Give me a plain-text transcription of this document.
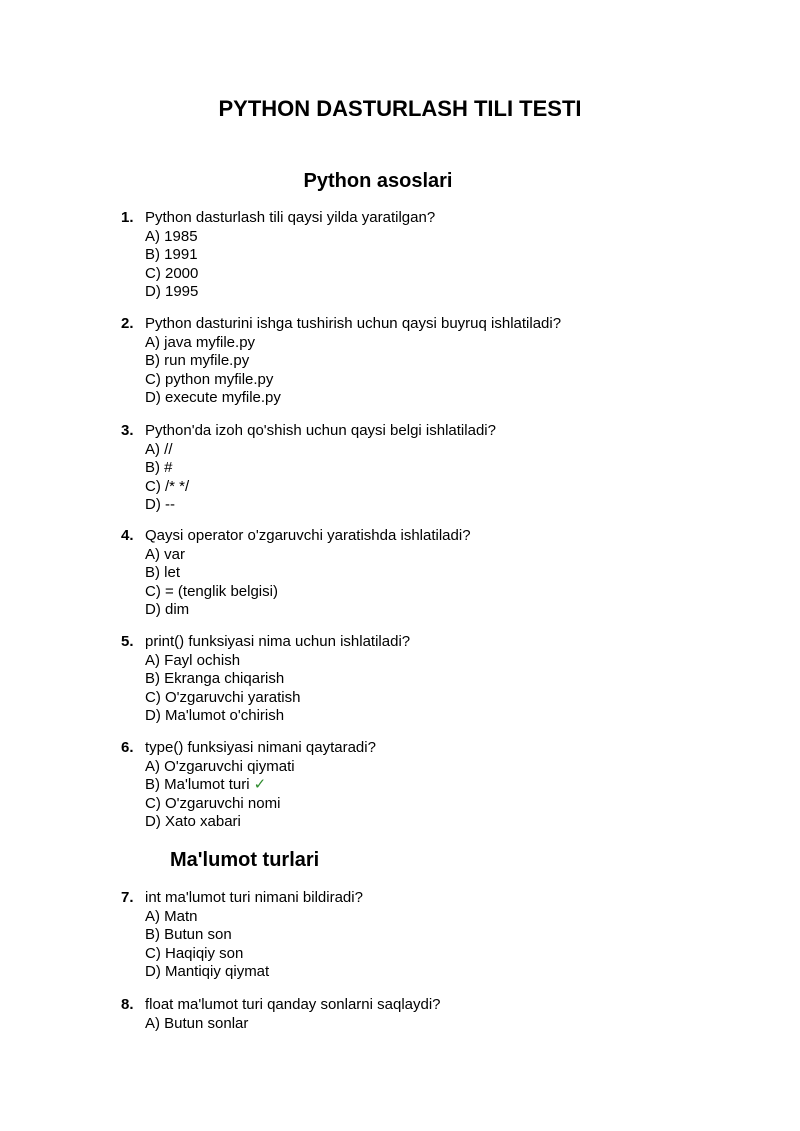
PYTHON DASTURLASH TILI TESTI
Python asoslari
1. Python dasturlash tili qaysi yilda yaratilgan?
A) 1985
B) 1991
C) 2000
D) 1995
2. Python dasturini ishga tushirish uchun qaysi buyruq ishlatiladi?
A) java myfile.py
B) run myfile.py
C) python myfile.py
D) execute myfile.py
3. Python'da izoh qo'shish uchun qaysi belgi ishlatiladi?
A) //
B) #
C) /* */
D) --
4. Qaysi operator o'zgaruvchi yaratishda ishlatiladi?
A) var
B) let
C) = (tenglik belgisi)
D) dim
5. print() funksiyasi nima uchun ishlatiladi?
A) Fayl ochish
B) Ekranga chiqarish
C) O'zgaruvchi yaratish
D) Ma'lumot o'chirish
6. type() funksiyasi nimani qaytaradi?
A) O'zgaruvchi qiymati
B) Ma'lumot turi ✓
C) O'zgaruvchi nomi
D) Xato xabari
Ma'lumot turlari
7. int ma'lumot turi nimani bildiradi?
A) Matn
B) Butun son
C) Haqiqiy son
D) Mantiqiy qiymat
8. float ma'lumot turi qanday sonlarni saqlaydi?
A) Butun sonlar
